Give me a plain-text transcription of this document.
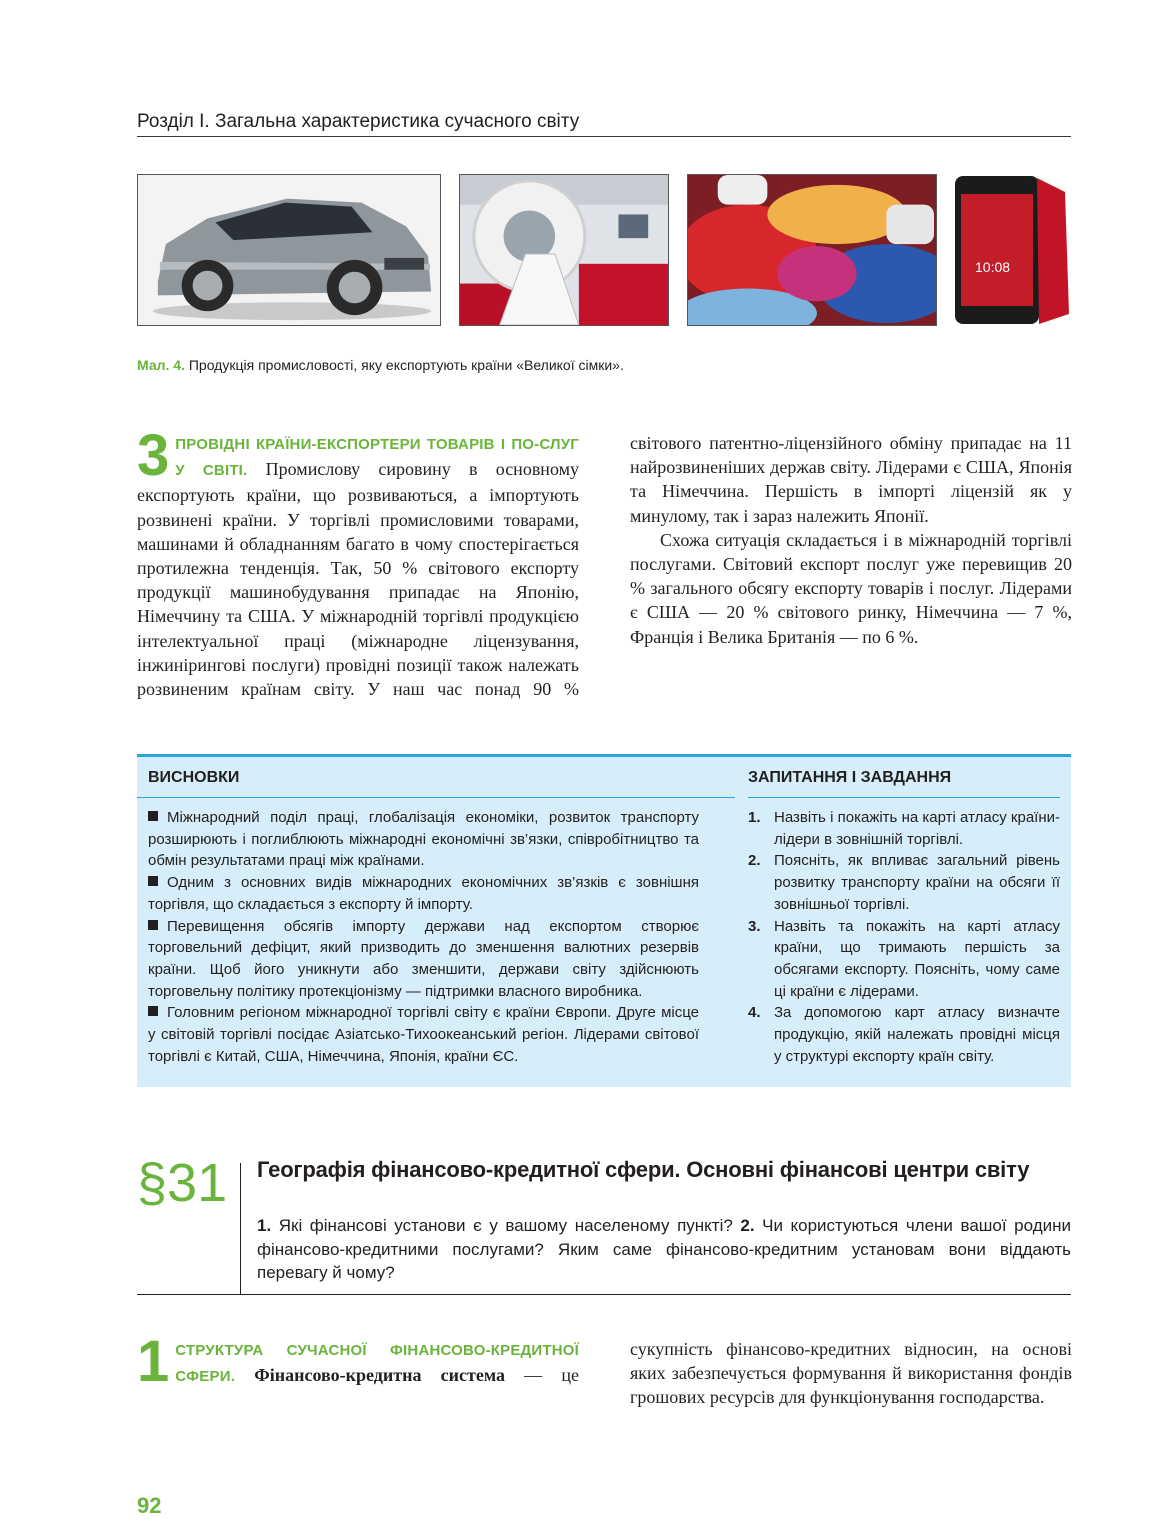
Розділ І. Загальна характеристика сучасного світу
10:08
Мал. 4. Продукція промисловості, яку експортують країни «Великої сімки».

3 ПРОВІДНІ КРАЇНИ-ЕКСПОРТЕРИ ТОВАРІВ І ПО-СЛУГ У СВІТІ. Промислову сировину в основному експортують країни, що розвиваються, а імпортують розвинені країни. У торгівлі промисловими товарами, машинами й обладнанням багато в чому спостерігається протилежна тенденція. Так, 50 % світового експорту продукції машинобудування припадає на Японію, Німеччину та США. У міжнародній торгівлі продукцією інтелектуальної праці (міжнародне ліцензування, інжинірингові послуги) провідні позиції також належать розвиненим країнам світу. У наш час понад 90 % світового патентно-ліцензійного обміну припадає на 11 найрозвиненіших держав світу. Лідерами є США, Японія та Німеччина. Першість в імпорті ліцензій як у минулому, так і зараз належить Японії.

Схожа ситуація складається і в міжнародній торгівлі послугами. Світовий експорт послуг уже перевищив 20 % загального обсягу експорту товарів і послуг. Лідерами є США — 20 % світового ринку, Німеччина — 7 %, Франція і Велика Британія — по 6 %.

ВИСНОВКИ

Міжнародний поділ праці, глобалізація економіки, розвиток транспорту розширюють і поглиблюють міжнародні економічні зв’язки, співробітництво та обмін результатами праці між країнами.

Одним з основних видів міжнародних економічних зв’язків є зовнішня торгівля, що складається з експорту й імпорту.

Перевищення обсягів імпорту держави над експортом створює торговельний дефіцит, який призводить до зменшення валютних резервів країни. Щоб його уникнути або зменшити, держави світу здійснюють торговельну політику протекціонізму — підтримки власного виробника.

Головним регіоном міжнародної торгівлі світу є країни Європи. Друге місце у світовій торгівлі посідає Азіатсько-Тихоокеанський регіон. Лідерами світової торгівлі є Китай, США, Німеччина, Японія, країни ЄС.

ЗАПИТАННЯ І ЗАВДАННЯ
1. Назвіть і покажіть на карті атласу країни-лідери в зовнішній торгівлі.
2. Поясніть, як впливає загальний рівень розвитку транспорту країни на обсяги її зовнішньої торгівлі.
3. Назвіть та покажіть на карті атласу країни, що тримають першість за обсягами експорту. Поясніть, чому саме ці країни є лідерами.
4. За допомогою карт атласу визначте продукцію, якій належать провідні місця у структурі експорту країн світу.
§31 Географія фінансово-кредитної сфери. Основні фінансові центри світу
1. Які фінансові установи є у вашому населеному пункті? 2. Чи користуються члени вашої родини фінансово-кредитними послугами? Яким саме фінансово-кредитним установам вони віддають перевагу й чому?

1 СТРУКТУРА СУЧАСНОЇ ФІНАНСОВО-КРЕДИТНОЇ СФЕРИ. Фінансово-кредитна система — це сукупність фінансово-кредитних відносин, на основі яких забезпечується формування й використання фондів грошових ресурсів для функціонування господарства.

92
